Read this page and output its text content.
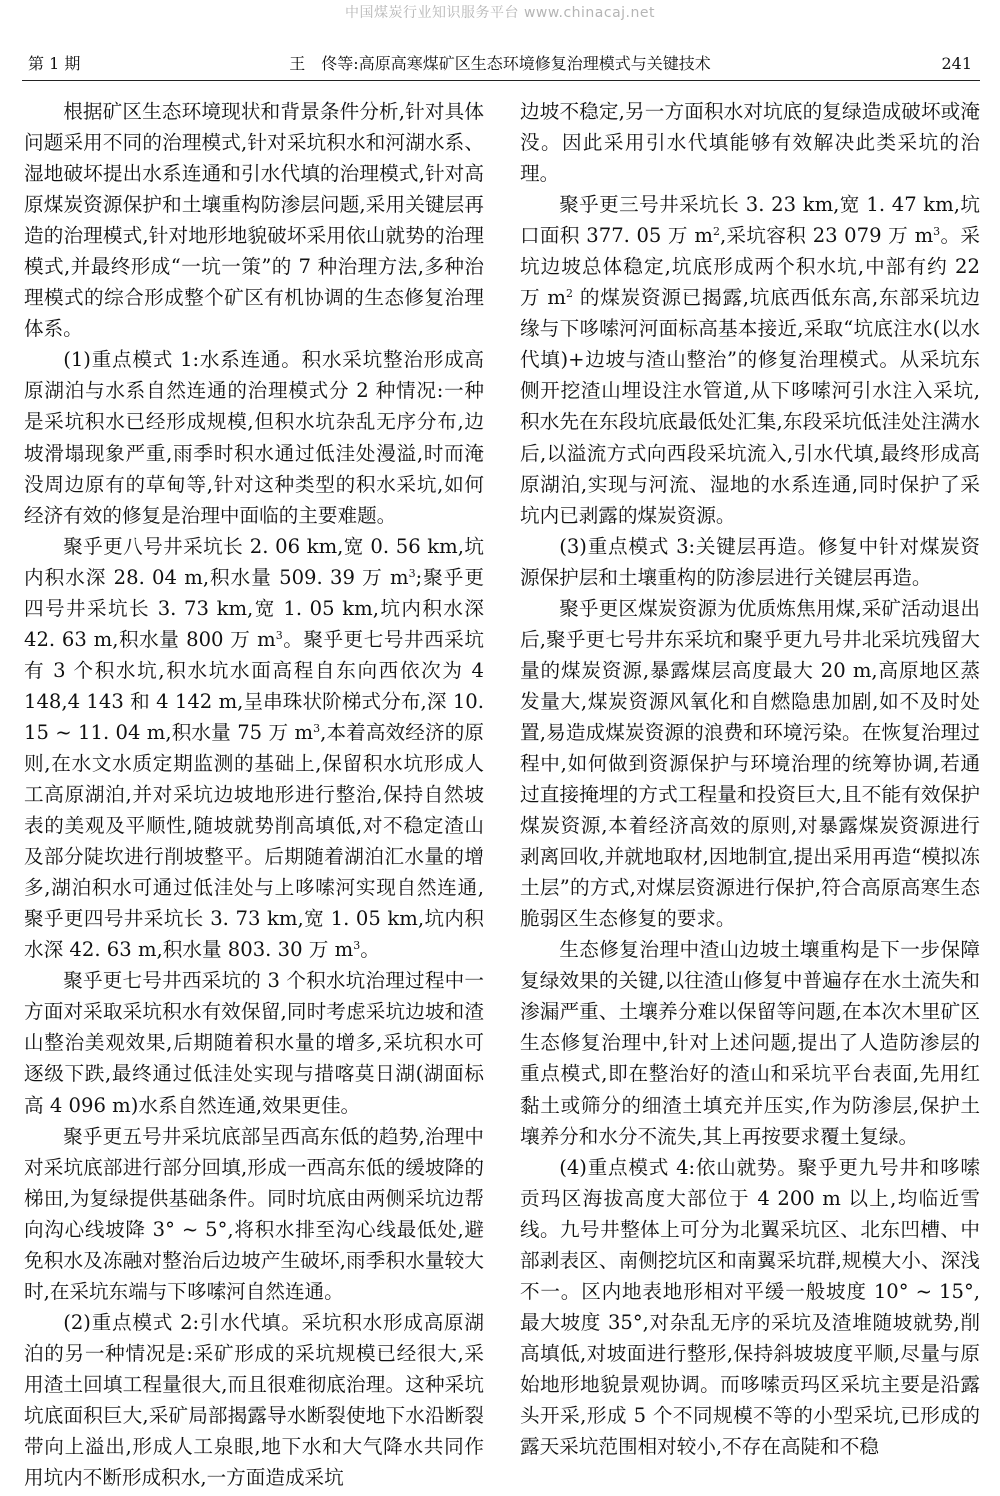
中国煤炭行业知识服务平台 www.chinacaj.net
第 1 期	王　佟等:高原高寒煤矿区生态环境修复治理模式与关键技术	241

根据矿区生态环境现状和背景条件分析,针对具体问题采用不同的治理模式,针对采坑积水和河湖水系、湿地破坏提出水系连通和引水代填的治理模式,针对高原煤炭资源保护和土壤重构防渗层问题,采用关键层再造的治理模式,针对地形地貌破坏采用依山就势的治理模式,并最终形成“一坑一策”的 7 种治理方法,多种治理模式的综合形成整个矿区有机协调的生态修复治理体系。

(1)重点模式 1:水系连通。积水采坑整治形成高原湖泊与水系自然连通的治理模式分 2 种情况:一种是采坑积水已经形成规模,但积水坑杂乱无序分布,边坡滑塌现象严重,雨季时积水通过低洼处漫溢,时而淹没周边原有的草甸等,针对这种类型的积水采坑,如何经济有效的修复是治理中面临的主要难题。

聚乎更八号井采坑长 2. 06 km,宽 0. 56 km,坑内积水深 28. 04 m,积水量 509. 39 万 $m^3$;聚乎更四号井采坑长 3. 73 km,宽 1. 05 km,坑内积水深 42. 63 m,积水量 800 万 $m^3$。聚乎更七号井西采坑有 3 个积水坑,积水坑水面高程自东向西依次为 4 148,4 143 和 4 142 m,呈串珠状阶梯式分布,深 10. 15 ~ 11. 04 m,积水量 75 万 $m^3$,本着高效经济的原则,在水文水质定期监测的基础上,保留积水坑形成人工高原湖泊,并对采坑边坡地形进行整治,保持自然坡表的美观及平顺性,随坡就势削高填低,对不稳定渣山及部分陡坎进行削坡整平。后期随着湖泊汇水量的增多,湖泊积水可通过低洼处与上哆嗦河实现自然连通,聚乎更四号井采坑长 3. 73 km,宽 1. 05 km,坑内积水深 42. 63 m,积水量 803. 30 万 $m^3$。

聚乎更七号井西采坑的 3 个积水坑治理过程中一方面对采取采坑积水有效保留,同时考虑采坑边坡和渣山整治美观效果,后期随着积水量的增多,采坑积水可逐级下跌,最终通过低洼处实现与措喀莫日湖(湖面标高 4 096 m)水系自然连通,效果更佳。

聚乎更五号井采坑底部呈西高东低的趋势,治理中对采坑底部进行部分回填,形成一西高东低的缓坡降的梯田,为复绿提供基础条件。同时坑底由两侧采坑边帮向沟心线坡降 3° ~ 5°,将积水排至沟心线最低处,避免积水及冻融对整治后边坡产生破坏,雨季积水量较大时,在采坑东端与下哆嗦河自然连通。

(2)重点模式 2:引水代填。采坑积水形成高原湖泊的另一种情况是:采矿形成的采坑规模已经很大,采用渣土回填工程量很大,而且很难彻底治理。这种采坑坑底面积巨大,采矿局部揭露导水断裂使地下水沿断裂带向上溢出,形成人工泉眼,地下水和大气降水共同作用坑内不断形成积水,一方面造成采坑

边坡不稳定,另一方面积水对坑底的复绿造成破坏或淹没。因此采用引水代填能够有效解决此类采坑的治理。

聚乎更三号井采坑长 3. 23 km,宽 1. 47 km,坑口面积 377. 05 万 $m^2$,采坑容积 23 079 万 $m^3$。采坑边坡总体稳定,坑底形成两个积水坑,中部有约 22 万 $m^2$ 的煤炭资源已揭露,坑底西低东高,东部采坑边缘与下哆嗦河河面标高基本接近,采取“坑底注水(以水代填)+边坡与渣山整治”的修复治理模式。从采坑东侧开挖渣山埋设注水管道,从下哆嗦河引水注入采坑,积水先在东段坑底最低处汇集,东段采坑低洼处注满水后,以溢流方式向西段采坑流入,引水代填,最终形成高原湖泊,实现与河流、湿地的水系连通,同时保护了采坑内已剥露的煤炭资源。

(3)重点模式 3:关键层再造。修复中针对煤炭资源保护层和土壤重构的防渗层进行关键层再造。

聚乎更区煤炭资源为优质炼焦用煤,采矿活动退出后,聚乎更七号井东采坑和聚乎更九号井北采坑残留大量的煤炭资源,暴露煤层高度最大 20 m,高原地区蒸发量大,煤炭资源风氧化和自燃隐患加剧,如不及时处置,易造成煤炭资源的浪费和环境污染。在恢复治理过程中,如何做到资源保护与环境治理的统筹协调,若通过直接掩埋的方式工程量和投资巨大,且不能有效保护煤炭资源,本着经济高效的原则,对暴露煤炭资源进行剥离回收,并就地取材,因地制宜,提出采用再造“模拟冻土层”的方式,对煤层资源进行保护,符合高原高寒生态脆弱区生态修复的要求。

生态修复治理中渣山边坡土壤重构是下一步保障复绿效果的关键,以往渣山修复中普遍存在水土流失和渗漏严重、土壤养分难以保留等问题,在本次木里矿区生态修复治理中,针对上述问题,提出了人造防渗层的重点模式,即在整治好的渣山和采坑平台表面,先用红黏土或筛分的细渣土填充并压实,作为防渗层,保护土壤养分和水分不流失,其上再按要求覆土复绿。

(4)重点模式 4:依山就势。聚乎更九号井和哆嗦贡玛区海拔高度大部位于 4 200 m 以上,均临近雪线。九号井整体上可分为北翼采坑区、北东凹槽、中部剥表区、南侧挖坑区和南翼采坑群,规模大小、深浅不一。区内地表地形相对平缓一般坡度 10° ~ 15°,最大坡度 35°,对杂乱无序的采坑及渣堆随坡就势,削高填低,对坡面进行整形,保持斜坡坡度平顺,尽量与原始地形地貌景观协调。而哆嗦贡玛区采坑主要是沿露头开采,形成 5 个不同规模不等的小型采坑,已形成的露天采坑范围相对较小,不存在高陡和不稳
